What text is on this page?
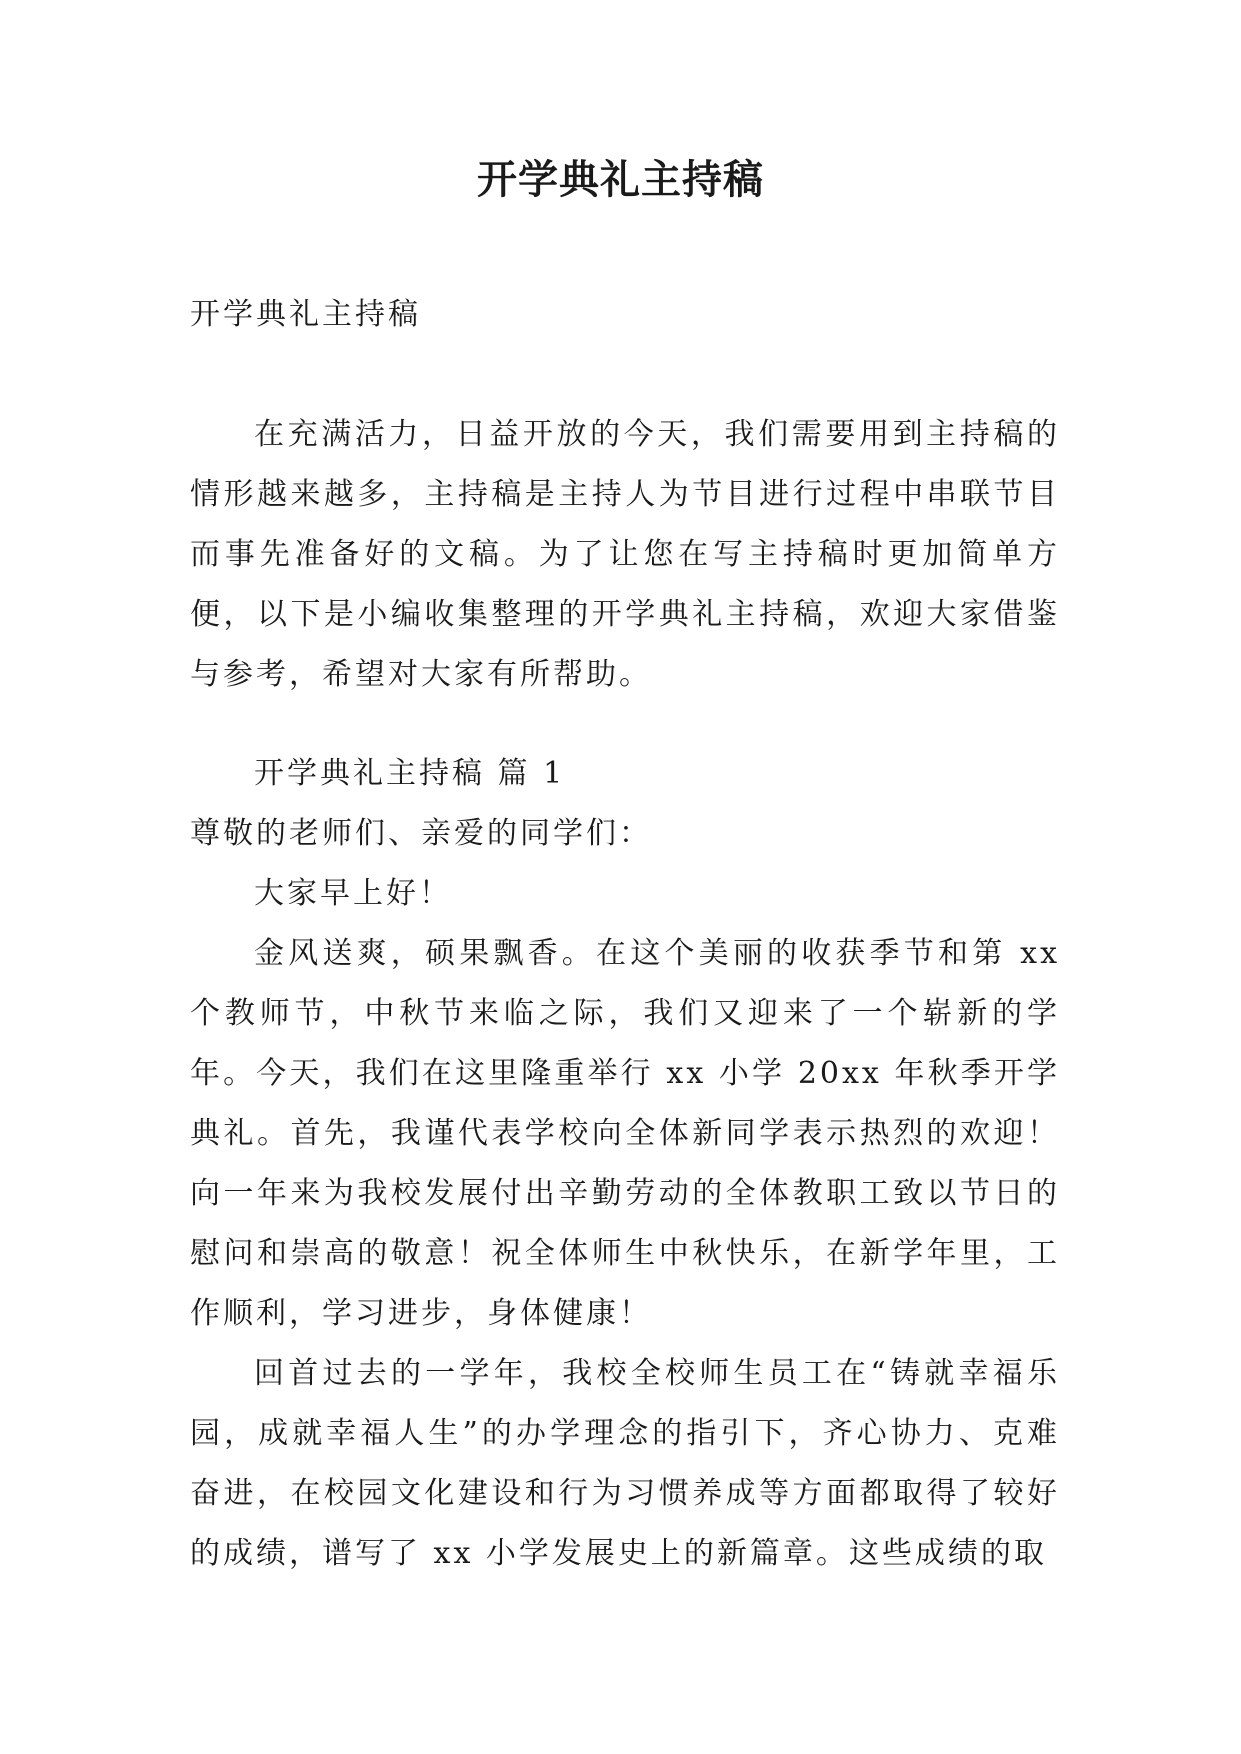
开学典礼主持稿
开学典礼主持稿
在充满活力，日益开放的今天，我们需要用到主持稿的情形越来越多，主持稿是主持人为节目进行过程中串联节目而事先准备好的文稿。为了让您在写主持稿时更加简单方便，以下是小编收集整理的开学典礼主持稿，欢迎大家借鉴与参考，希望对大家有所帮助。
开学典礼主持稿 篇 1
尊敬的老师们、亲爱的同学们：
大家早上好！
金风送爽，硕果飘香。在这个美丽的收获季节和第 xx 个教师节，中秋节来临之际，我们又迎来了一个崭新的学年。今天，我们在这里隆重举行 xx 小学 20xx 年秋季开学典礼。首先，我谨代表学校向全体新同学表示热烈的欢迎！向一年来为我校发展付出辛勤劳动的全体教职工致以节日的慰问和崇高的敬意！祝全体师生中秋快乐，在新学年里，工作顺利，学习进步，身体健康！
回首过去的一学年，我校全校师生员工在“铸就幸福乐园，成就幸福人生”的办学理念的指引下，齐心协力、克难奋进，在校园文化建设和行为习惯养成等方面都取得了较好的成绩，谱写了 xx 小学发展史上的新篇章。这些成绩的取
